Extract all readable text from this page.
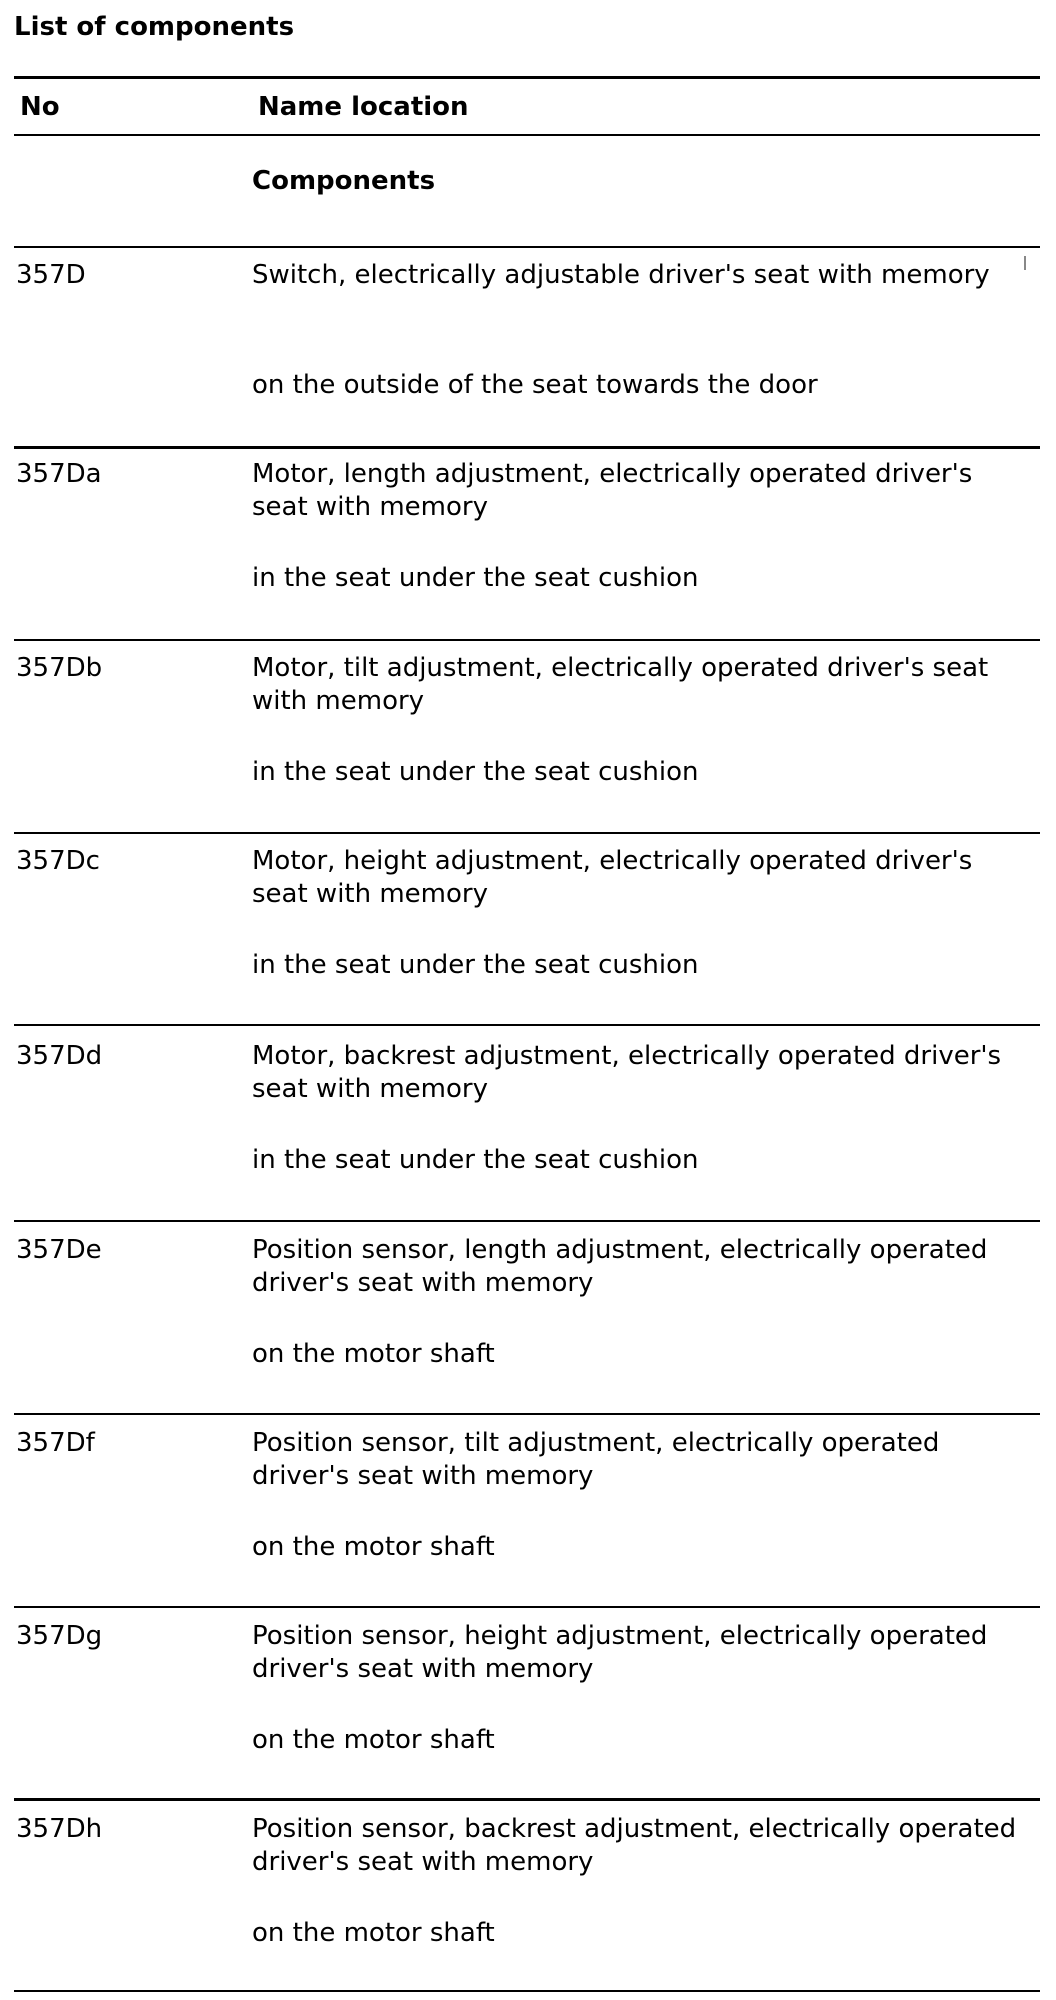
List of components
No	Name location
Components
357D	Switch, electrically adjustable driver's seat with memory
on the outside of the seat towards the door
357Da	Motor, length adjustment, electrically operated driver's seat with memory
in the seat under the seat cushion
357Db	Motor, tilt adjustment, electrically operated driver's seat with memory
in the seat under the seat cushion
357Dc	Motor, height adjustment, electrically operated driver's seat with memory
in the seat under the seat cushion
357Dd	Motor, backrest adjustment, electrically operated driver's seat with memory
in the seat under the seat cushion
357De	Position sensor, length adjustment, electrically operated driver's seat with memory
on the motor shaft
357Df	Position sensor, tilt adjustment, electrically operated driver's seat with memory
on the motor shaft
357Dg	Position sensor, height adjustment, electrically operated driver's seat with memory
on the motor shaft
357Dh	Position sensor, backrest adjustment, electrically operated driver's seat with memory
on the motor shaft
